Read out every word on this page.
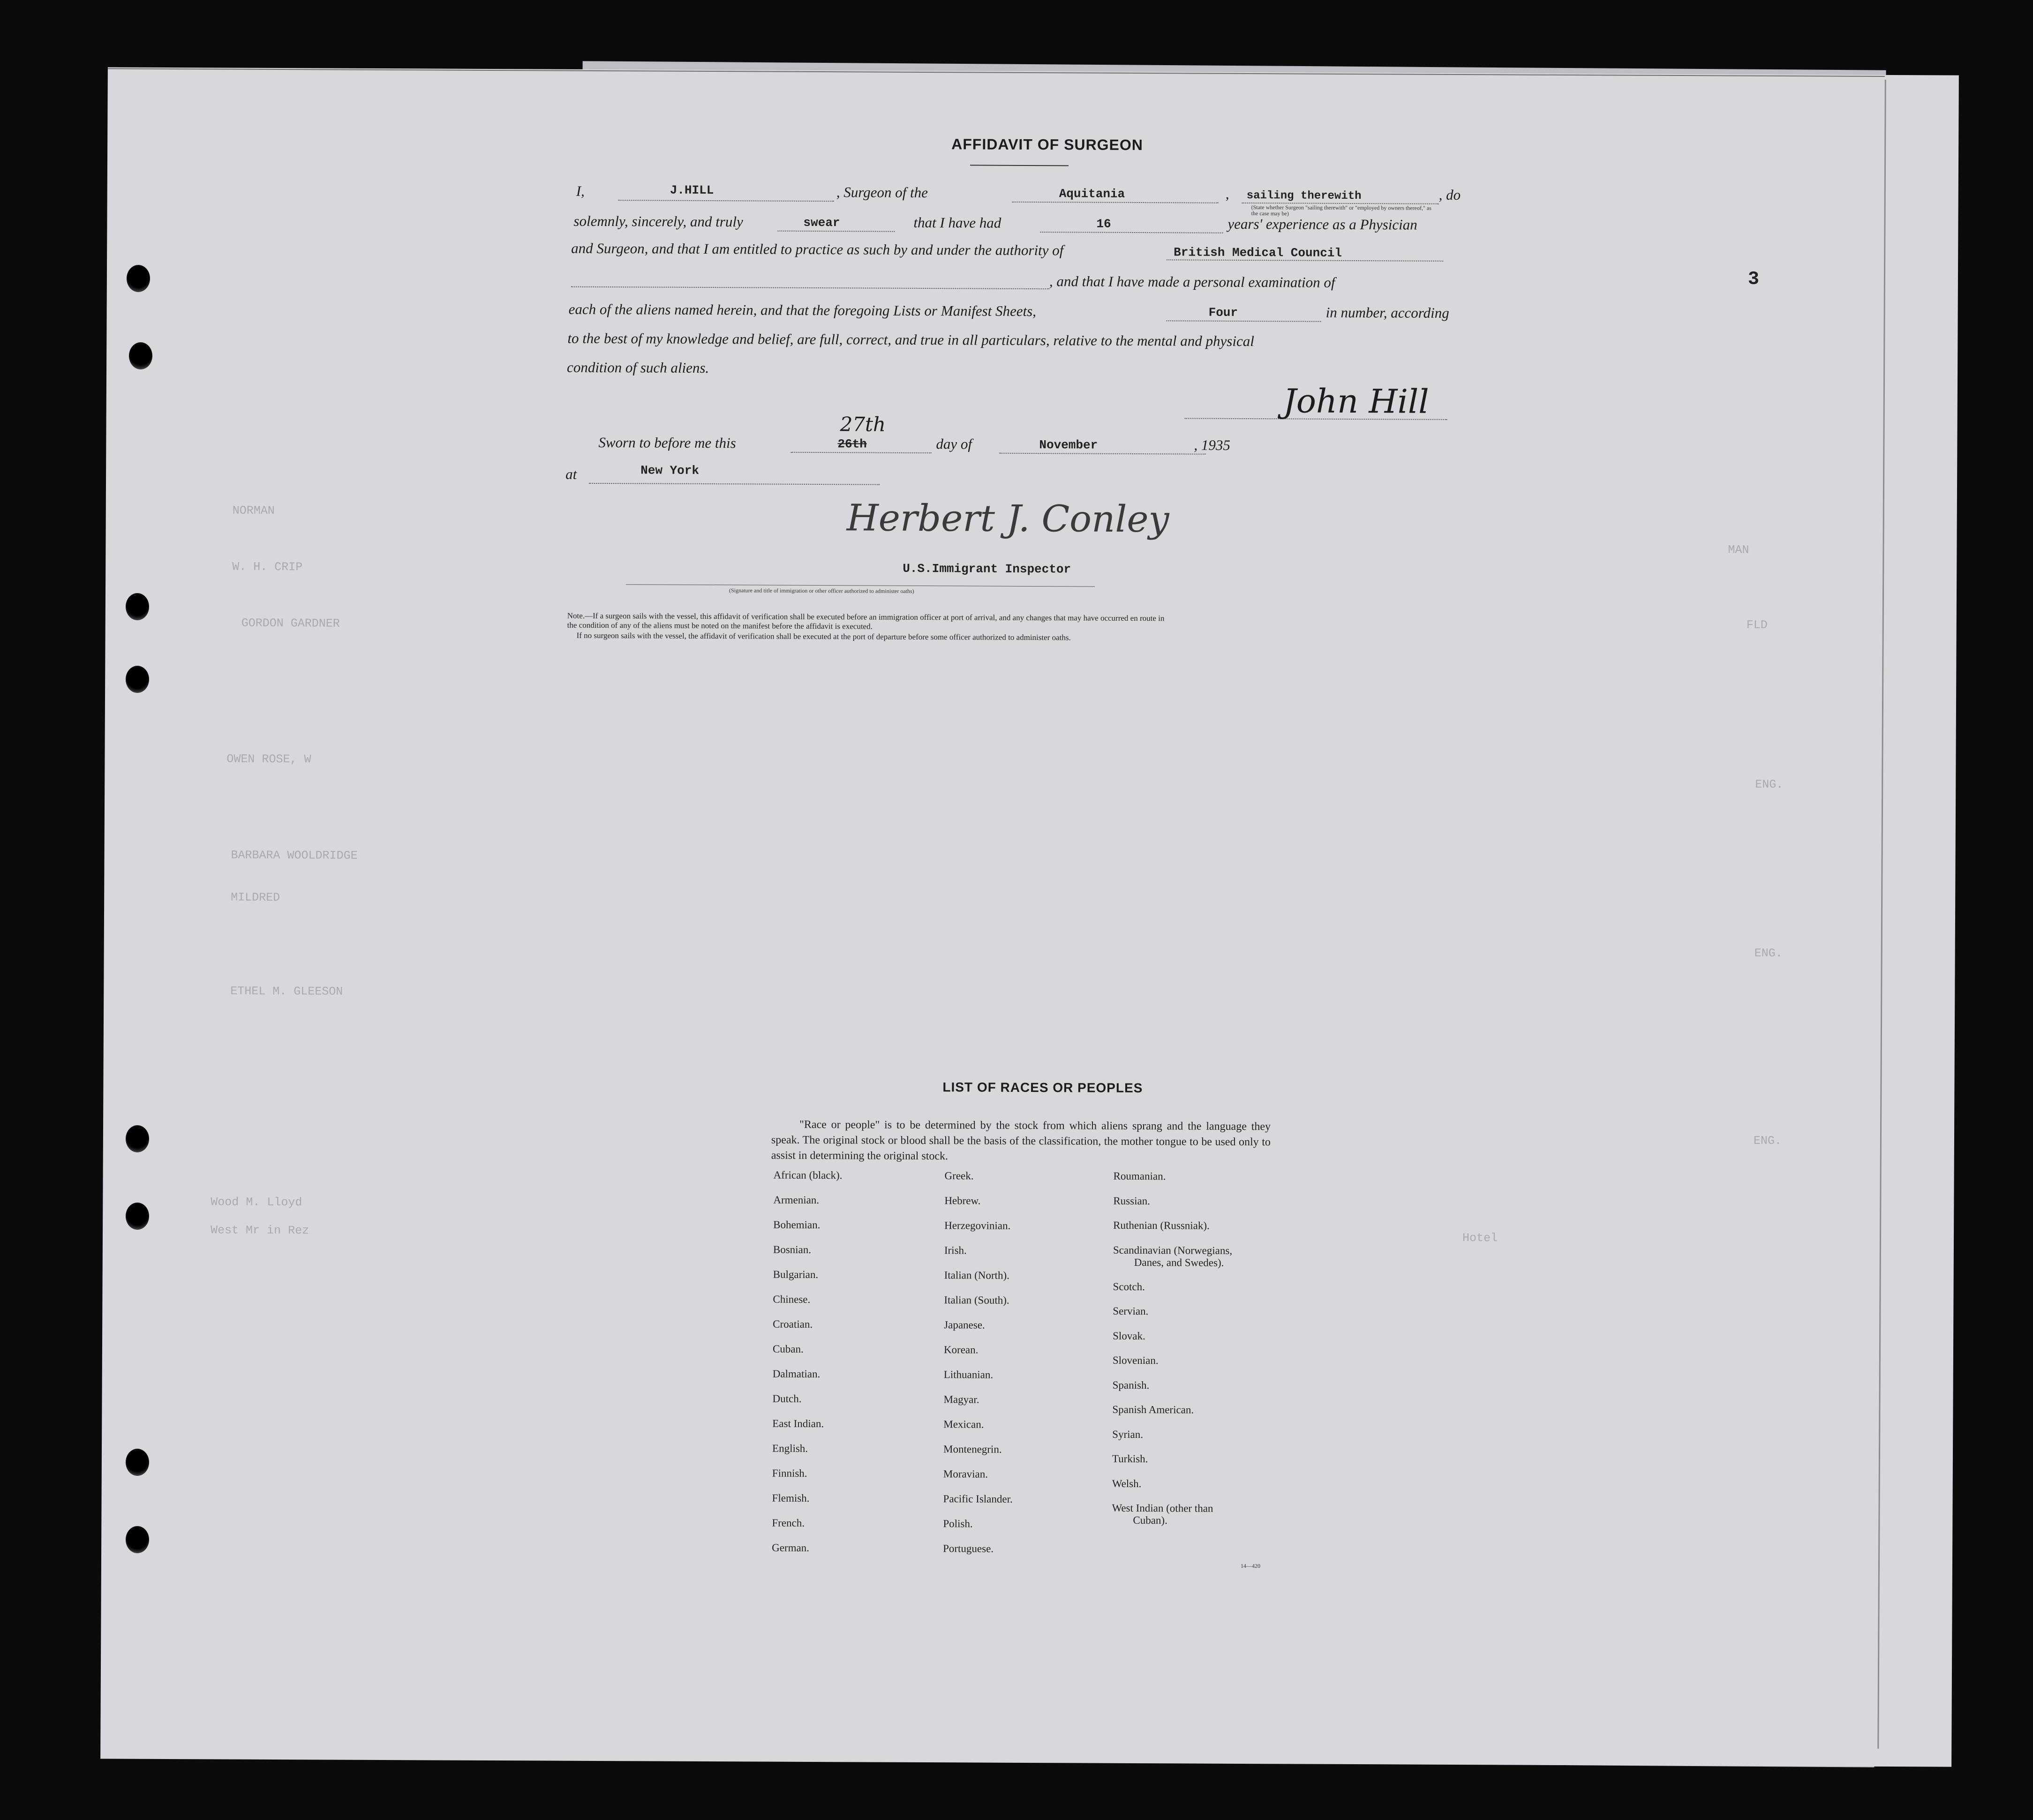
NORMAN
W. H. CRIP
GORDON GARDNER
OWEN ROSE, W
BARBARA WOOLDRIDGE
MILDRED
ETHEL M. GLEESON
Wood M. Lloyd
West Mr in Rez
MAN
FLD
ENG.
ENG.
ENG.
Hotel
AFFIDAVIT OF SURGEON
I,	J.HILL	, Surgeon of the	Aquitania	, sailing therewith	, do
(State whether Surgeon "sailing therewith" or "employed by owners thereof," as the case may be)
solemnly, sincerely, and truly	swear	that I have had	16	years' experience as a Physician
and Surgeon, and that I am entitled to practice as such by and under the authority of	British Medical Council
, and that I have made a personal examination of
each of the aliens named herein, and that the foregoing Lists or Manifest Sheets,	Four	in number, according
to the best of my knowledge and belief, are full, correct, and true in all particulars, relative to the mental and physical
condition of such aliens.
John Hill
Sworn to before me this	26th
27th
day of	November	, 1935
at	New York
Herbert J. Conley
U.S.Immigrant Inspector
(Signature and title of immigration or other officer authorized to administer oaths)
Note.—If a surgeon sails with the vessel, this affidavit of verification shall be executed before an immigration officer at port of arrival, and any changes that may have occurred en route in
the condition of any of the aliens must be noted on the manifest before the affidavit is executed.
If no surgeon sails with the vessel, the affidavit of verification shall be executed at the port of departure before some officer authorized to administer oaths.
3
LIST OF RACES OR PEOPLES
"Race or people" is to be determined by the stock from which aliens sprang and the language they speak. The original stock or blood shall be the basis of the classification, the mother tongue to be used only to assist in determining the original stock.
African (black).
Armenian.
Bohemian.
Bosnian.
Bulgarian.
Chinese.
Croatian.
Cuban.
Dalmatian.
Dutch.
East Indian.
English.
Finnish.
Flemish.
French.
German.
Greek.
Hebrew.
Herzegovinian.
Irish.
Italian (North).
Italian (South).
Japanese.
Korean.
Lithuanian.
Magyar.
Mexican.
Montenegrin.
Moravian.
Pacific Islander.
Polish.
Portuguese.
Roumanian.
Russian.
Ruthenian (Russniak).
Scandinavian (Norwegians,
Danes, and Swedes).
Scotch.
Servian.
Slovak.
Slovenian.
Spanish.
Spanish American.
Syrian.
Turkish.
Welsh.
West Indian (other than
Cuban).
14—420
